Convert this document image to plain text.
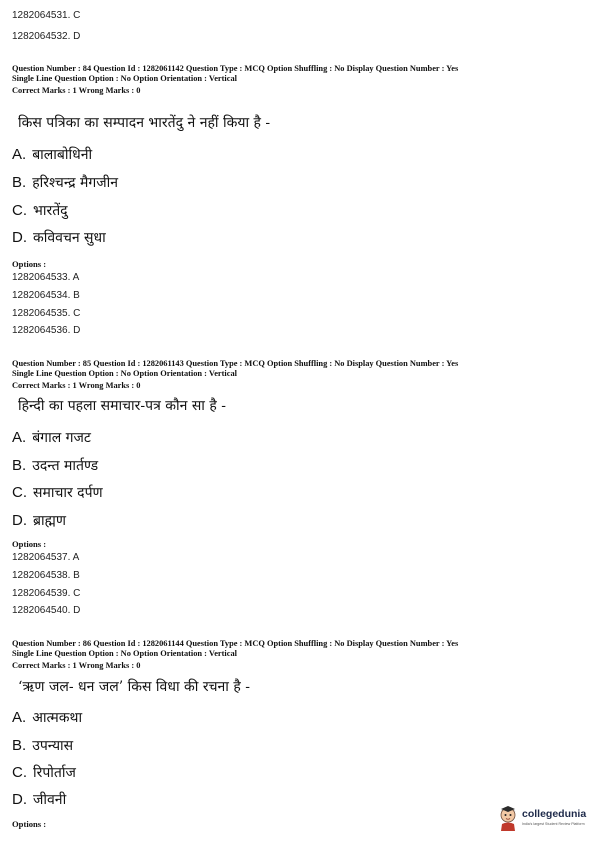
1282064531. C
1282064532. D
Question Number : 84 Question Id : 1282061142 Question Type : MCQ Option Shuffling : No Display Question Number : Yes
Single Line Question Option : No Option Orientation : Vertical
Correct Marks : 1 Wrong Marks : 0
किस पत्रिका का सम्पादन भारतेंदु ने नहीं किया है -
A. बालाबोधिनी
B. हरिश्चन्द्र मैगजीन
C. भारतेंदु
D. कविवचन सुधा
Options :
1282064533. A
1282064534. B
1282064535. C
1282064536. D
Question Number : 85 Question Id : 1282061143 Question Type : MCQ Option Shuffling : No Display Question Number : Yes
Single Line Question Option : No Option Orientation : Vertical
Correct Marks : 1 Wrong Marks : 0
हिन्दी का पहला समाचार-पत्र कौन सा है -
A. बंगाल गजट
B. उदन्त मार्तण्ड
C. समाचार दर्पण
D. ब्राह्मण
Options :
1282064537. A
1282064538. B
1282064539. C
1282064540. D
Question Number : 86 Question Id : 1282061144 Question Type : MCQ Option Shuffling : No Display Question Number : Yes
Single Line Question Option : No Option Orientation : Vertical
Correct Marks : 1 Wrong Marks : 0
‘ऋण जल- धन जल’ किस विधा की रचना है -
A. आत्मकथा
B. उपन्यास
C. रिपोर्ताज
D. जीवनी
Options :
collegedunia
India's largest Student Review Platform
